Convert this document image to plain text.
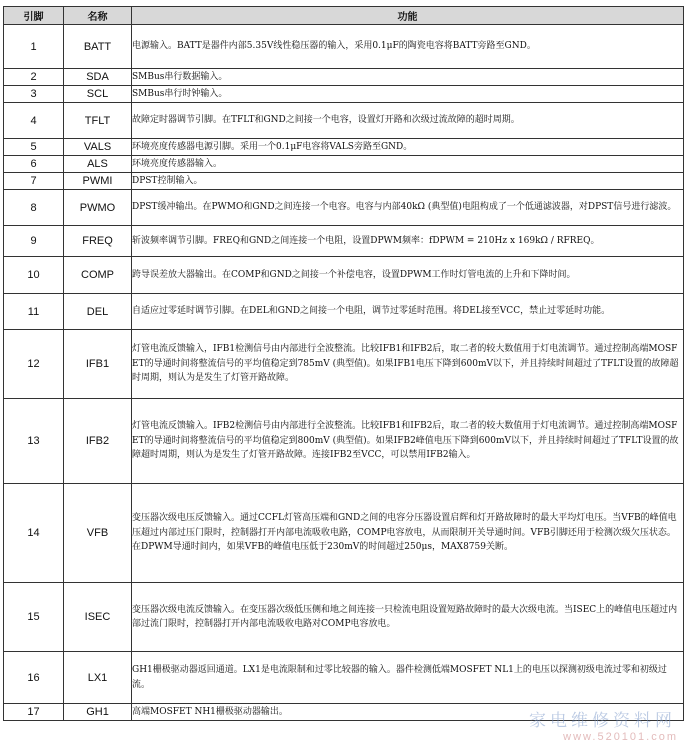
引脚	名称	功能
1	BATT	电源输入。BATT是器件内部5.35V线性稳压器的输入，采用0.1μF的陶瓷电容将BATT旁路至GND。
2	SDA	SMBus串行数据输入。
3	SCL	SMBus串行时钟输入。
4	TFLT	故障定时器调节引脚。在TFLT和GND之间接一个电容，设置灯开路和次级过流故障的超时周期。
5	VALS	环境亮度传感器电源引脚。采用一个0.1μF电容将VALS旁路至GND。
6	ALS	环境亮度传感器输入。
7	PWMI	DPST控制输入。
8	PWMO	DPST缓冲输出。在PWMO和GND之间连接一个电容。电容与内部40kΩ (典型值)电阻构成了一个低通滤波器，对DPST信号进行滤波。
9	FREQ	斩波频率调节引脚。FREQ和GND之间连接一个电阻，设置DPWM频率：fDPWM = 210Hz x 169kΩ / RFREQ。
10	COMP	跨导误差放大器输出。在COMP和GND之间接一个补偿电容，设置DPWM工作时灯管电流的上升和下降时间。
11	DEL	自适应过零延时调节引脚。在DEL和GND之间接一个电阻，调节过零延时范围。将DEL接至VCC，禁止过零延时功能。
12	IFB1	灯管电流反馈输入，IFB1检测信号由内部进行全波整流。比较IFB1和IFB2后，取二者的较大数值用于灯电流调节。通过控制高端MOSFET的导通时间将整流信号的平均值稳定到785mV (典型值)。如果IFB1电压下降到600mV以下，并且持续时间超过了TFLT设置的故障超时周期，则认为是发生了灯管开路故障。
13	IFB2	灯管电流反馈输入。IFB2检测信号由内部进行全波整流。比较IFB1和IFB2后，取二者的较大数值用于灯电流调节。通过控制高端MOSFET的导通时间将整流信号的平均值稳定到800mV (典型值)。如果IFB2峰值电压下降到600mV以下，并且持续时间超过了TFLT设置的故障超时周期，则认为是发生了灯管开路故障。连接IFB2至VCC，可以禁用IFB2输入。
14	VFB	变压器次级电压反馈输入。通过CCFL灯管高压端和GND之间的电容分压器设置启辉和灯开路故障时的最大平均灯电压。当VFB的峰值电压超过内部过压门限时，控制器打开内部电流吸收电路，COMP电容放电，从而限制开关导通时间。VFB引脚还用于检测次级欠压状态。在DPWM导通时间内，如果VFB的峰值电压低于230mV的时间超过250μs，MAX8759关断。
15	ISEC	变压器次级电流反馈输入。在变压器次级低压侧和地之间连接一只检流电阻设置短路故障时的最大次级电流。当ISEC上的峰值电压超过内部过流门限时，控制器打开内部电流吸收电路对COMP电容放电。
16	LX1	GH1栅极驱动器返回通道。LX1是电流限制和过零比较器的输入。器件检测低端MOSFET NL1上的电压以探测初级电流过零和初级过流。
17	GH1	高端MOSFET NH1栅极驱动器输出。	家电维修资料网
www.520101.com
